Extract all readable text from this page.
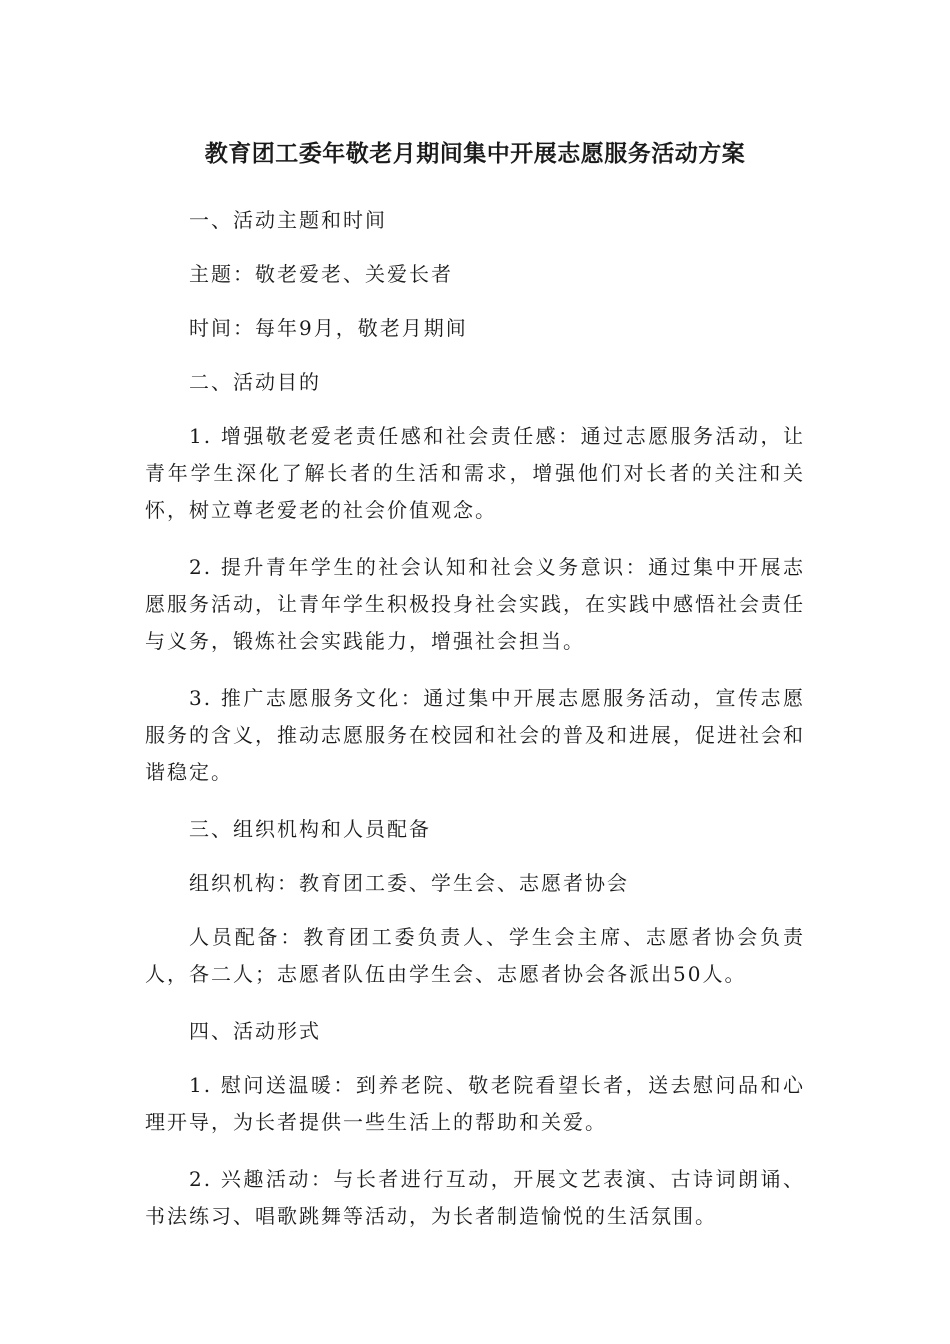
教育团工委年敬老月期间集中开展志愿服务活动方案

一、活动主题和时间

主题：敬老爱老、关爱长者

时间：每年9月，敬老月期间

二、活动目的

1. 增强敬老爱老责任感和社会责任感：通过志愿服务活动，让青年学生深化了解长者的生活和需求，增强他们对长者的关注和关怀，树立尊老爱老的社会价值观念。

2. 提升青年学生的社会认知和社会义务意识：通过集中开展志愿服务活动，让青年学生积极投身社会实践，在实践中感悟社会责任与义务，锻炼社会实践能力，增强社会担当。

3. 推广志愿服务文化：通过集中开展志愿服务活动，宣传志愿服务的含义，推动志愿服务在校园和社会的普及和进展，促进社会和谐稳定。

三、组织机构和人员配备

组织机构：教育团工委、学生会、志愿者协会

人员配备：教育团工委负责人、学生会主席、志愿者协会负责人，各二人；志愿者队伍由学生会、志愿者协会各派出50人。

四、活动形式

1. 慰问送温暖：到养老院、敬老院看望长者，送去慰问品和心理开导，为长者提供一些生活上的帮助和关爱。

2. 兴趣活动：与长者进行互动，开展文艺表演、古诗词朗诵、书法练习、唱歌跳舞等活动，为长者制造愉悦的生活氛围。
